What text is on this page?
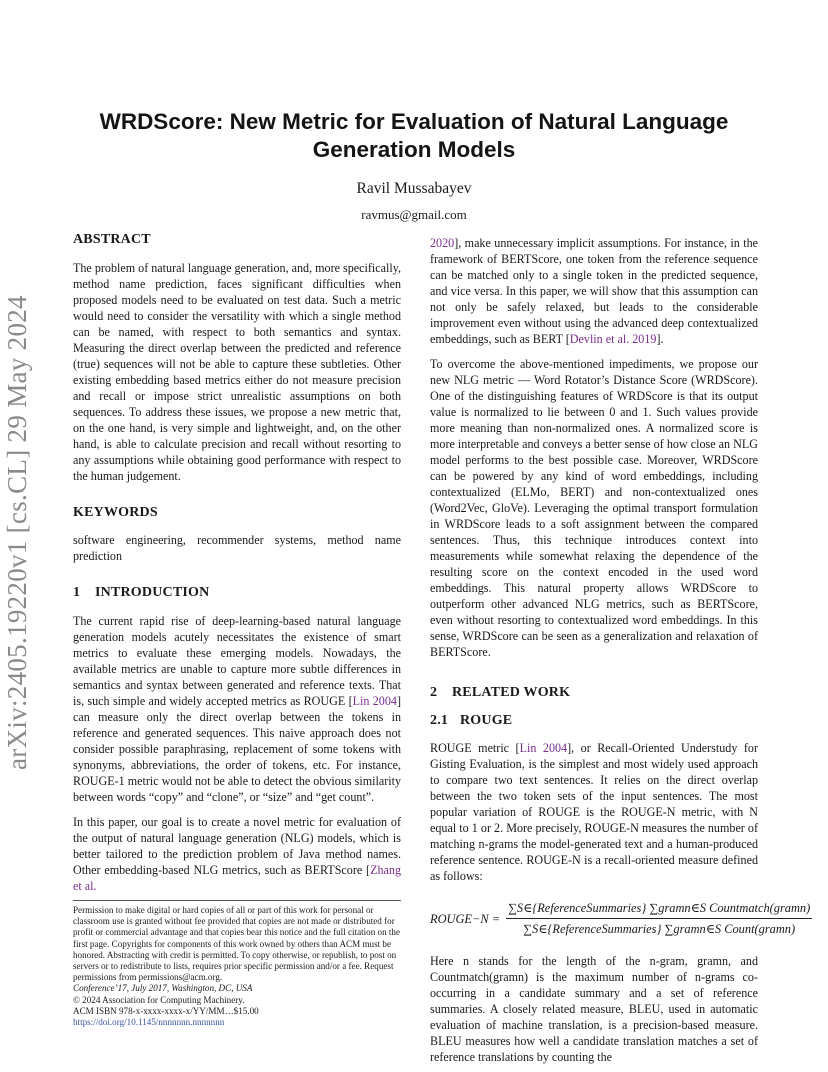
arXiv:2405.19220v1 [cs.CL] 29 May 2024
WRDScore: New Metric for Evaluation of Natural Language
Generation Models
Ravil Mussabayev
ravmus@gmail.com
ABSTRACT

The problem of natural language generation, and, more specifically, method name prediction, faces significant difficulties when proposed models need to be evaluated on test data. Such a metric would need to consider the versatility with which a single method can be named, with respect to both semantics and syntax. Measuring the direct overlap between the predicted and reference (true) sequences will not be able to capture these subtleties. Other existing embedding based metrics either do not measure precision and recall or impose strict unrealistic assumptions on both sequences. To address these issues, we propose a new metric that, on the one hand, is very simple and lightweight, and, on the other hand, is able to calculate precision and recall without resorting to any assumptions while obtaining good performance with respect to the human judgement.

KEYWORDS

software engineering, recommender systems, method name prediction

1 INTRODUCTION

The current rapid rise of deep-learning-based natural language generation models acutely necessitates the existence of smart metrics to evaluate these emerging models. Nowadays, the available metrics are unable to capture more subtle differences in semantics and syntax between generated and reference texts. That is, such simple and widely accepted metrics as ROUGE [Lin 2004] can measure only the direct overlap between the tokens in reference and generated sequences. This naive approach does not consider possible paraphrasing, replacement of some tokens with synonyms, abbreviations, the order of tokens, etc. For instance, ROUGE-1 metric would not be able to detect the obvious similarity between words “copy” and “clone”, or “size” and “get count”.

In this paper, our goal is to create a novel metric for evaluation of the output of natural language generation (NLG) models, which is better tailored to the prediction problem of Java method names. Other embedding-based NLG metrics, such as BERTScore [Zhang et al.

Permission to make digital or hard copies of all or part of this work for personal or classroom use is granted without fee provided that copies are not made or distributed for profit or commercial advantage and that copies bear this notice and the full citation on the first page. Copyrights for components of this work owned by others than ACM must be honored. Abstracting with credit is permitted. To copy otherwise, or republish, to post on servers or to redistribute to lists, requires prior specific permission and/or a fee. Request permissions from permissions@acm.org.
Conference’17, July 2017, Washington, DC, USA
© 2024 Association for Computing Machinery.
ACM ISBN 978-x-xxxx-xxxx-x/YY/MM…$15.00
https://doi.org/10.1145/nnnnnnn.nnnnnnn

2020], make unnecessary implicit assumptions. For instance, in the framework of BERTScore, one token from the reference sequence can be matched only to a single token in the predicted sequence, and vice versa. In this paper, we will show that this assumption can not only be safely relaxed, but leads to the considerable improvement even without using the advanced deep contextualized embeddings, such as BERT [Devlin et al. 2019].

To overcome the above-mentioned impediments, we propose our new NLG metric — Word Rotator’s Distance Score (WRDScore). One of the distinguishing features of WRDScore is that its output value is normalized to lie between 0 and 1. Such values provide more meaning than non-normalized ones. A normalized score is more interpretable and conveys a better sense of how close an NLG model performs to the best possible case. Moreover, WRDScore can be powered by any kind of word embeddings, including contextualized (ELMo, BERT) and non-contextualized ones (Word2Vec, GloVe). Leveraging the optimal transport formulation in WRDScore leads to a soft assignment between the compared sentences. Thus, this technique introduces context into measurements while somewhat relaxing the dependence of the resulting score on the context encoded in the used word embeddings. This natural property allows WRDScore to outperform other advanced NLG metrics, such as BERTScore, even without resorting to contextualized word embeddings. In this sense, WRDScore can be seen as a generalization and relaxation of BERTScore.

2 RELATED WORK
2.1 ROUGE

ROUGE metric [Lin 2004], or Recall-Oriented Understudy for Gisting Evaluation, is the simplest and most widely used approach to compare two text sentences. It relies on the direct overlap between the two token sets of the input sentences. The most popular variation of ROUGE is the ROUGE-N metric, with N equal to 1 or 2. More precisely, ROUGE-N measures the number of matching n-grams the model-generated text and a human-produced reference sentence. ROUGE-N is a recall-oriented measure defined as follows:

ROUGE−N = $\frac{\text{∑S∈\{ReferenceSummaries\} ∑gramn∈S Countmatch(gramn)}}{\text{∑S∈\{ReferenceSummaries\} ∑gramn∈S Count(gramn)}}$

Here n stands for the length of the n-gram, gramn, and Countmatch(gramn) is the maximum number of n-grams co-occurring in a candidate summary and a set of reference summaries. A closely related measure, BLEU, used in automatic evaluation of machine translation, is a precision-based measure. BLEU measures how well a candidate translation matches a set of reference translations by counting the
